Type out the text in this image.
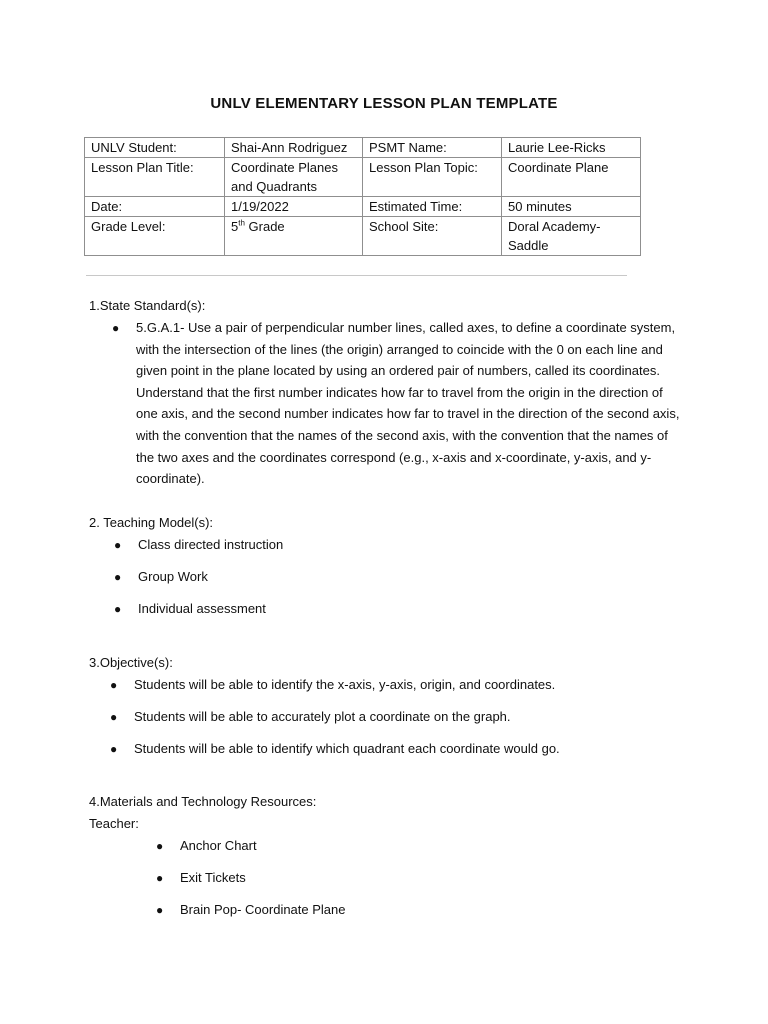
UNLV ELEMENTARY LESSON PLAN TEMPLATE
UNLV Student:	Shai-Ann Rodriguez	PSMT Name:	Laurie Lee-Ricks
Lesson Plan Title:	Coordinate Planes and Quadrants	Lesson Plan Topic:	Coordinate Plane
Date:	1/19/2022	Estimated Time:	50 minutes
Grade Level:	5th Grade	School Site:	Doral Academy-Saddle
1.State Standard(s):
●	5.G.A.1- Use a pair of perpendicular number lines, called axes, to define a coordinate system, with the intersection of the lines (the origin) arranged to coincide with the 0 on each line and given point in the plane located by using an ordered pair of numbers, called its coordinates. Understand that the first number indicates how far to travel from the origin in the direction of one axis, and the second number indicates how far to travel in the direction of the second axis, with the convention that the names of the second axis, with the convention that the names of the two axes and the coordinates correspond (e.g., x-axis and x-coordinate, y-axis, and y-coordinate).
2. Teaching Model(s):
● Class directed instruction
● Group Work
● Individual assessment
3.Objective(s):
● Students will be able to identify the x-axis, y-axis, origin, and coordinates.
● Students will be able to accurately plot a coordinate on the graph.
● Students will be able to identify which quadrant each coordinate would go.
4.Materials and Technology Resources:
Teacher:
● Anchor Chart
● Exit Tickets
● Brain Pop- Coordinate Plane
